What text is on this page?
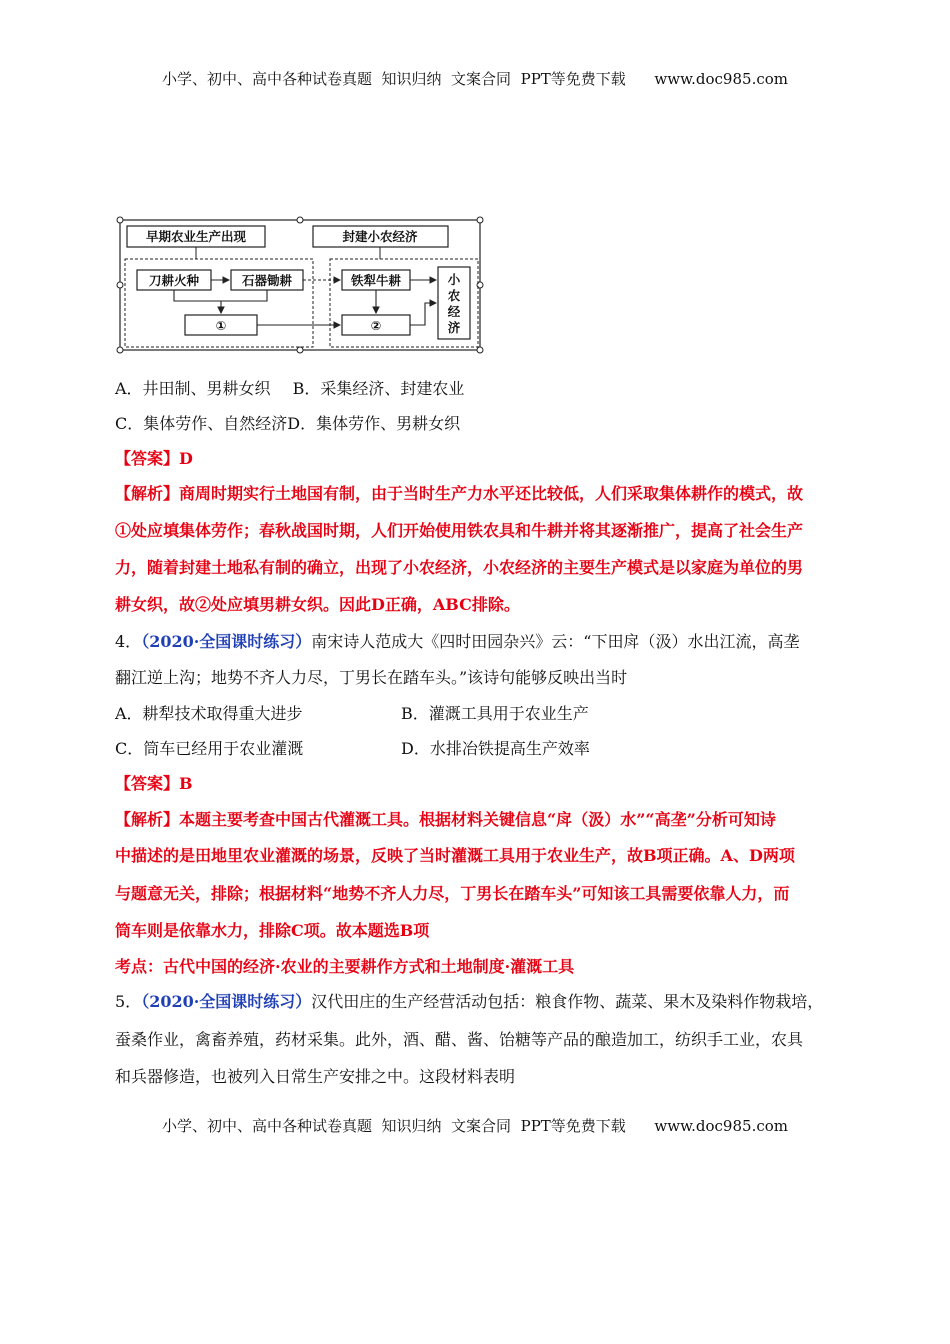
小学、初中、高中各种试卷真题  知识归纳  文案合同  PPT等免费下载      www.doc985.com
早期农业生产出现	封建小农经济
刀耕火种	石器锄耕	铁犁牛耕
①	②
小
农
经
济
A．井田制、男耕女织 B．采集经济、封建农业
C．集体劳作、自然经济D．集体劳作、男耕女织
【答案】D
【解析】商周时期实行土地国有制，由于当时生产力水平还比较低，人们采取集体耕作的模式，故
①处应填集体劳作；春秋战国时期，人们开始使用铁农具和牛耕并将其逐渐推广，提高了社会生产
力，随着封建土地私有制的确立，出现了小农经济，小农经济的主要生产模式是以家庭为单位的男
耕女织，故②处应填男耕女织。因此D正确，ABC排除。
4．（2020·全国课时练习）南宋诗人范成大《四时田园杂兴》云：“下田戽（汲）水出江流，高垄
翻江逆上沟；地势不齐人力尽，丁男长在踏车头。”该诗句能够反映出当时
A．耕犁技术取得重大进步	B．灌溉工具用于农业生产
C．筒车已经用于农业灌溉	D．水排冶铁提高生产效率
【答案】B
【解析】本题主要考查中国古代灌溉工具。根据材料关键信息“戽（汲）水”“高垄”分析可知诗
中描述的是田地里农业灌溉的场景，反映了当时灌溉工具用于农业生产，故B项正确。A、D两项
与题意无关，排除；根据材料“地势不齐人力尽，丁男长在踏车头”可知该工具需要依靠人力，而
筒车则是依靠水力，排除C项。故本题选B项
考点：古代中国的经济·农业的主要耕作方式和土地制度·灌溉工具
5．（2020·全国课时练习）汉代田庄的生产经营活动包括：粮食作物、蔬菜、果木及染料作物栽培，
蚕桑作业，禽畜养殖，药材采集。此外，酒、醋、酱、饴糖等产品的酿造加工，纺织手工业，农具
和兵器修造，也被列入日常生产安排之中。这段材料表明
小学、初中、高中各种试卷真题  知识归纳  文案合同  PPT等免费下载      www.doc985.com
